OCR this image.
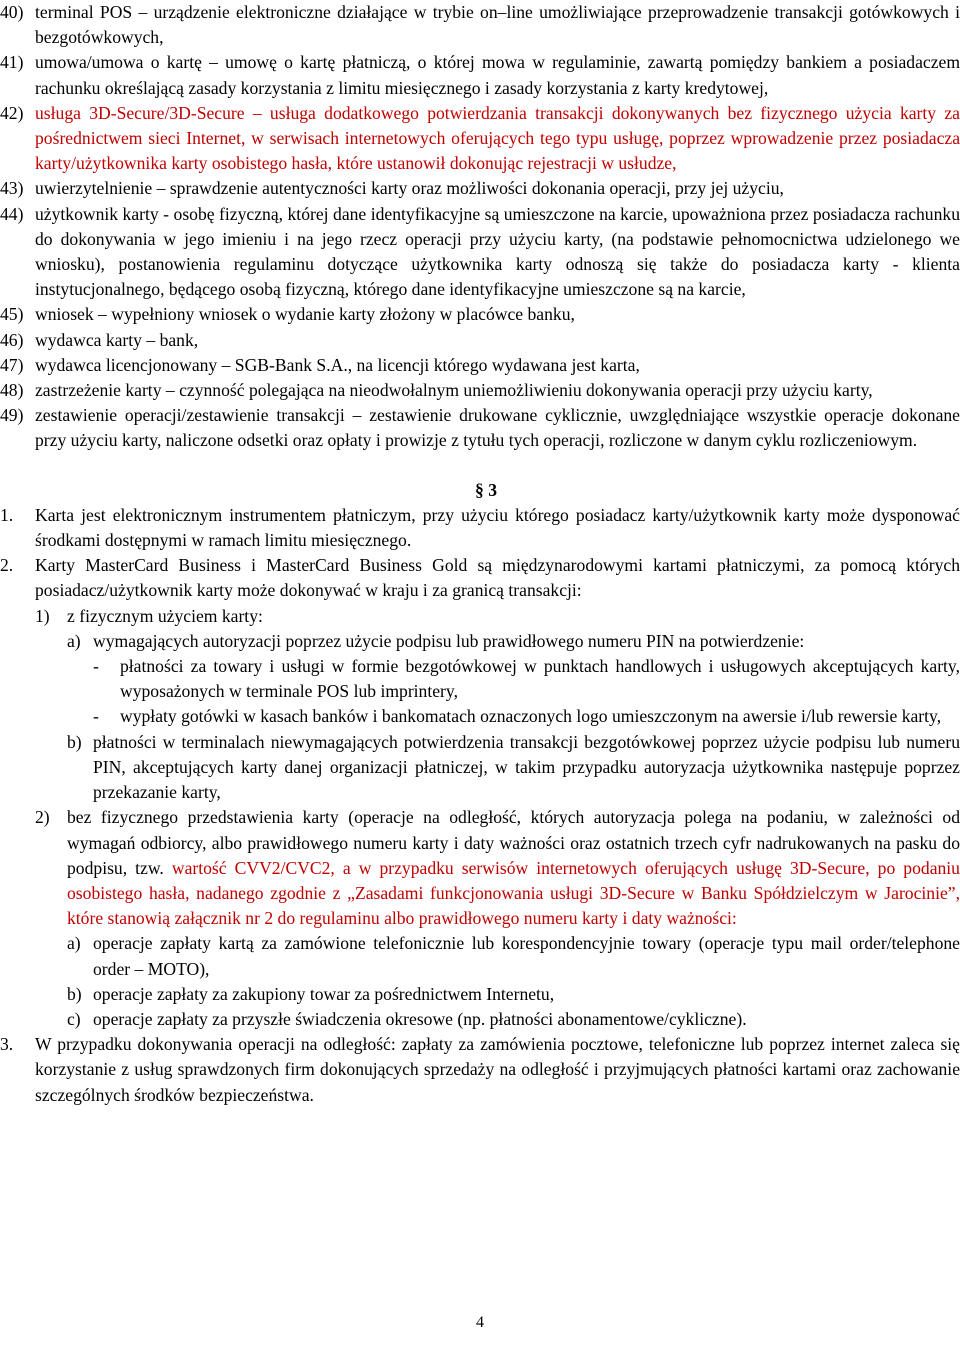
40) terminal POS – urządzenie elektroniczne działające w trybie on–line umożliwiające przeprowadzenie transakcji gotówkowych i bezgotówkowych,
41) umowa/umowa o kartę – umowę o kartę płatniczą, o której mowa w regulaminie, zawartą pomiędzy bankiem a posiadaczem rachunku określającą zasady korzystania z limitu miesięcznego i zasady korzystania z karty kredytowej,
42) usługa 3D-Secure/3D-Secure – usługa dodatkowego potwierdzania transakcji dokonywanych bez fizycznego użycia karty za pośrednictwem sieci Internet, w serwisach internetowych oferujących tego typu usługę, poprzez wprowadzenie przez posiadacza karty/użytkownika karty osobistego hasła, które ustanowił dokonując rejestracji w usłudze,
43) uwierzytelnienie – sprawdzenie autentyczności karty oraz możliwości dokonania operacji, przy jej użyciu,
44) użytkownik karty - osobę fizyczną, której dane identyfikacyjne są umieszczone na karcie, upoważniona przez posiadacza rachunku do dokonywania w jego imieniu i na jego rzecz operacji przy użyciu karty, (na podstawie pełnomocnictwa udzielonego we wniosku), postanowienia regulaminu dotyczące użytkownika karty odnoszą się także do posiadacza karty - klienta instytucjonalnego, będącego osobą fizyczną, którego dane identyfikacyjne umieszczone są na karcie,
45) wniosek – wypełniony wniosek o wydanie karty złożony w placówce banku,
46) wydawca karty – bank,
47) wydawca licencjonowany – SGB-Bank S.A., na licencji którego wydawana jest karta,
48) zastrzeżenie karty – czynność polegająca na nieodwołalnym uniemożliwieniu dokonywania operacji przy użyciu karty,
49) zestawienie operacji/zestawienie transakcji – zestawienie drukowane cyklicznie, uwzględniające wszystkie operacje dokonane przy użyciu karty, naliczone odsetki oraz opłaty i prowizje z tytułu tych operacji, rozliczone w danym cyklu rozliczeniowym.
§ 3
1. Karta jest elektronicznym instrumentem płatniczym, przy użyciu którego posiadacz karty/użytkownik karty może dysponować środkami dostępnymi w ramach limitu miesięcznego.
2. Karty MasterCard Business i MasterCard Business Gold są międzynarodowymi kartami płatniczymi, za pomocą których posiadacz/użytkownik karty może dokonywać w kraju i za granicą transakcji:
1) z fizycznym użyciem karty:
a) wymagających autoryzacji poprzez użycie podpisu lub prawidłowego numeru PIN na potwierdzenie:
- płatności za towary i usługi w formie bezgotówkowej w punktach handlowych i usługowych akceptujących karty, wyposażonych w terminale POS lub imprintery,
- wypłaty gotówki w kasach banków i bankomatach oznaczonych logo umieszczonym na awersie i/lub rewersie karty,
b) płatności w terminalach niewymagających potwierdzenia transakcji bezgotówkowej poprzez użycie podpisu lub numeru PIN, akceptujących karty danej organizacji płatniczej, w takim przypadku autoryzacja użytkownika następuje poprzez przekazanie karty,
2) bez fizycznego przedstawienia karty (operacje na odległość, których autoryzacja polega na podaniu, w zależności od wymagań odbiorcy, albo prawidłowego numeru karty i daty ważności oraz ostatnich trzech cyfr nadrukowanych na pasku do podpisu, tzw. wartość CVV2/CVC2, a w przypadku serwisów internetowych oferujących usługę 3D-Secure, po podaniu osobistego hasła, nadanego zgodnie z „Zasadami funkcjonowania usługi 3D-Secure w Banku Spółdzielczym w Jarocinie”, które stanowią załącznik nr 2 do regulaminu albo prawidłowego numeru karty i daty ważności:
a) operacje zapłaty kartą za zamówione telefonicznie lub korespondencyjnie towary (operacje typu mail order/telephone order – MOTO),
b) operacje zapłaty za zakupiony towar za pośrednictwem Internetu,
c) operacje zapłaty za przyszłe świadczenia okresowe (np. płatności abonamentowe/cykliczne).
3. W przypadku dokonywania operacji na odległość: zapłaty za zamówienia pocztowe, telefoniczne lub poprzez internet zaleca się korzystanie z usług sprawdzonych firm dokonujących sprzedaży na odległość i przyjmujących płatności kartami oraz zachowanie szczególnych środków bezpieczeństwa.
4
